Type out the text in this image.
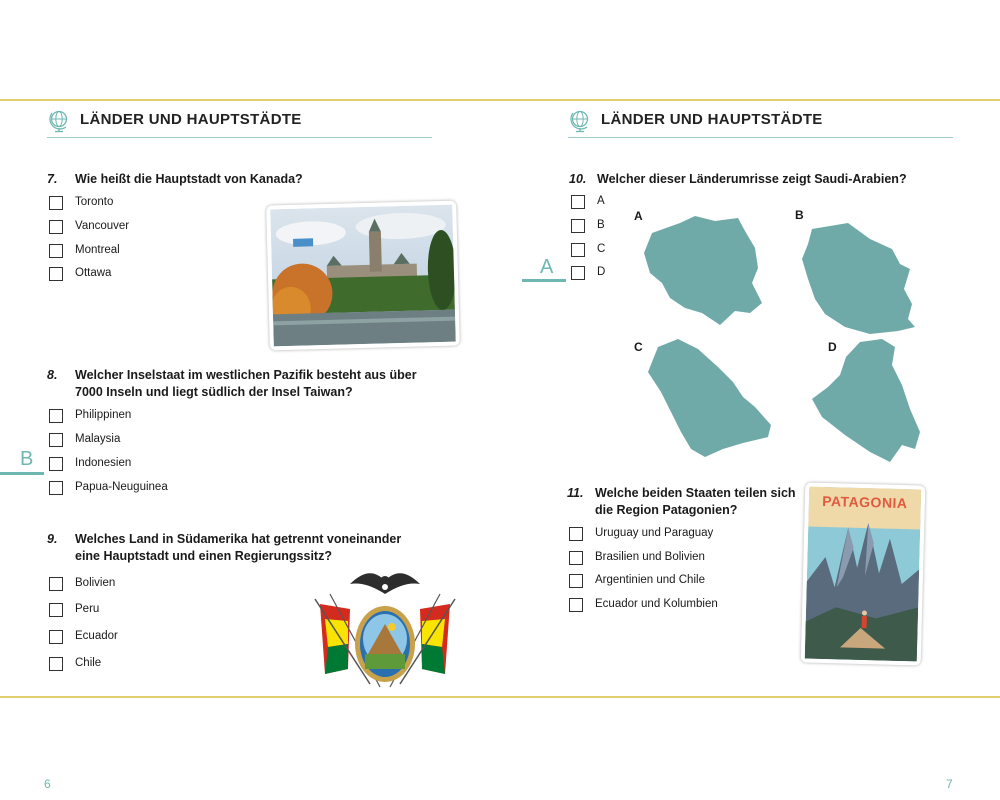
LÄNDER UND HAUPTSTÄDTE
7. Wie heißt die Hauptstadt von Kanada?
Toronto
Vancouver
Montreal
Ottawa
8. Welcher Inselstaat im westlichen Pazifik besteht aus über
7000 Inseln und liegt südlich der Insel Taiwan?
Philippinen
Malaysia
Indonesien
Papua-Neuguinea
B
9. Welches Land in Südamerika hat getrennt voneinander
eine Hauptstadt und einen Regierungssitz?
Bolivien
Peru
Ecuador
Chile
6
LÄNDER UND HAUPTSTÄDTE
10. Welcher dieser Länderumrisse zeigt Saudi-Arabien?
A
B
C
D
A
A	B
C	D
11. Welche beiden Staaten teilen sich
die Region Patagonien?
Uruguay und Paraguay
Brasilien und Bolivien
Argentinien und Chile
Ecuador und Kolumbien
PATAGONIA
7
